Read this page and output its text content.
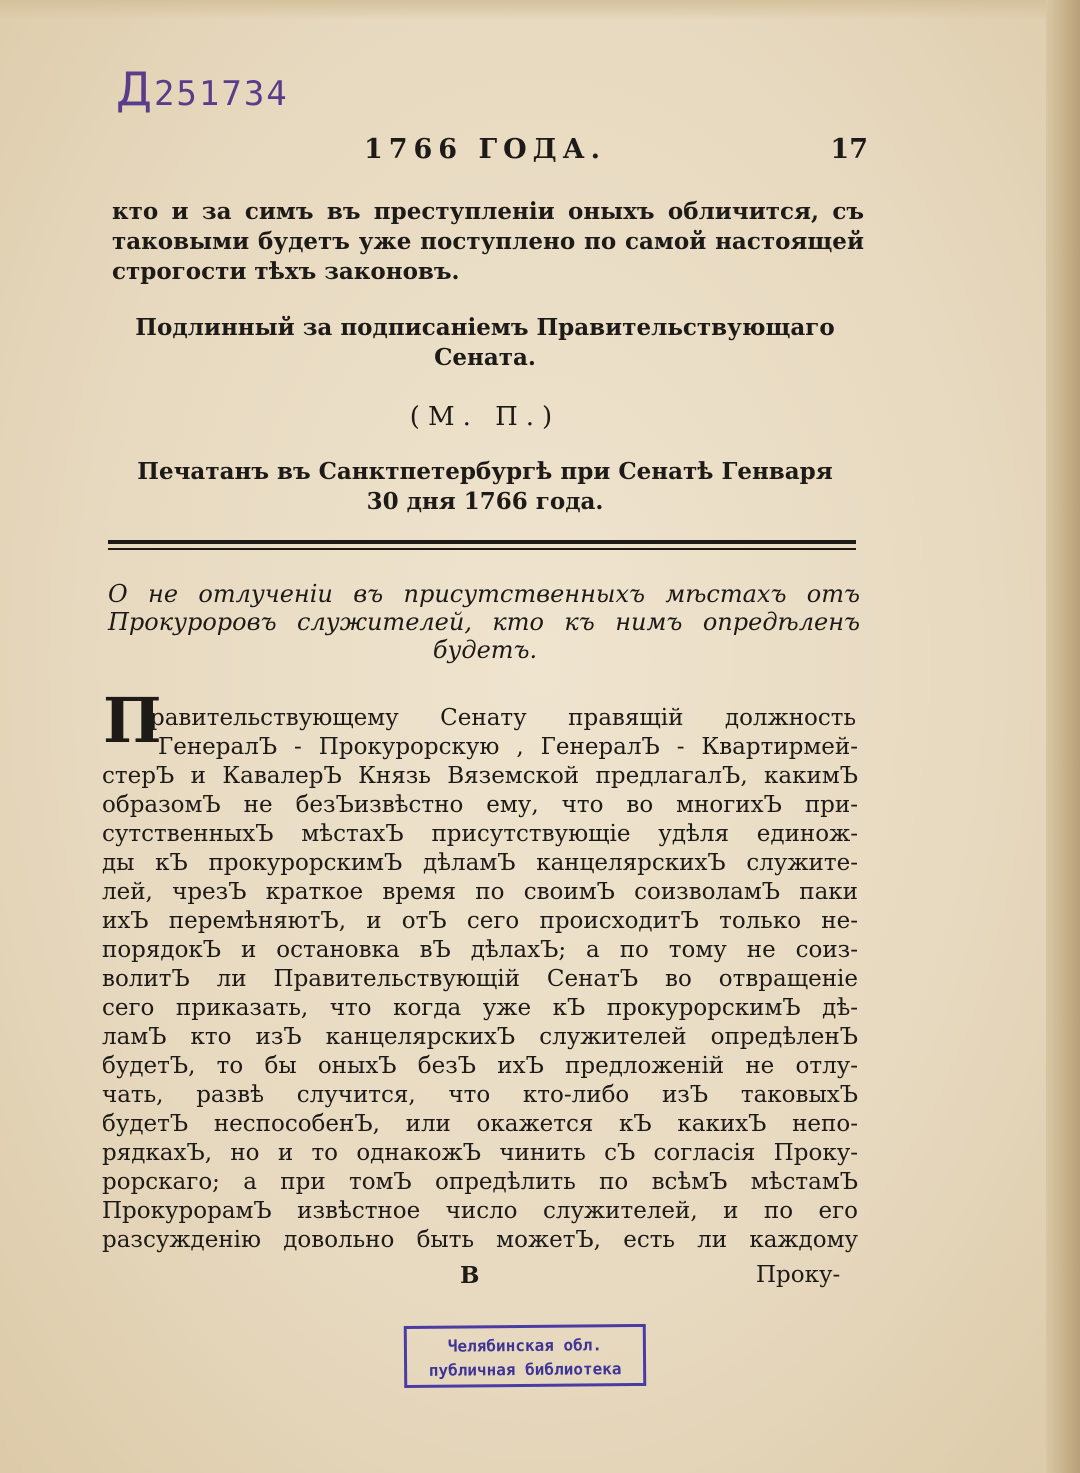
Д251734
1766 ГОДА.	17
кто и за симъ въ преступленіи оныхъ обличится, съ
таковыми будетъ уже поступлено по самой настоящей
строгости тѣхъ законовъ.
Подлинный за подписаніемъ Правительствующаго
Сената.
(М. П.)
Печатанъ въ Санктпетербургѣ при Сенатѣ Генваря
30 дня 1766 года.
О не отлученіи въ присутственныхъ мѣстахъ отъ
Прокуроровъ служителей, кто къ нимъ опредѣленъ
будетъ.
П
равительствующему Сенату правящій должность
ГенералЪ - Прокурорскую , ГенералЪ - Квартирмей-
стерЪ и КавалерЪ Князь Вяземской предлагалЪ, какимЪ
образомЪ не безЪизвѣстно ему, что во многихЪ при-
сутственныхЪ мѣстахЪ присутствующіе удѣля единож-
ды кЪ прокурорскимЪ дѣламЪ канцелярскихЪ служите-
лей, чрезЪ краткое время по своимЪ соизволамЪ паки
ихЪ перемѣняютЪ, и отЪ сего происходитЪ только не-
порядокЪ и остановка вЪ дѣлахЪ; а по тому не соиз-
волитЪ ли Правительствующій СенатЪ во отвращеніе
сего приказать, что когда уже кЪ прокурорскимЪ дѣ-
ламЪ кто изЪ канцелярскихЪ служителей опредѣленЪ
будетЪ, то бы оныхЪ безЪ ихЪ предложеній не отлу-
чать, развѣ случится, что кто-либо изЪ таковыхЪ
будетЪ неспособенЪ, или окажется кЪ какихЪ непо-
рядкахЪ, но и то однакожЪ чинить сЪ согласія Проку-
рорскаго; а при томЪ опредѣлить по всѣмЪ мѣстамЪ
ПрокурорамЪ извѣстное число служителей, и по его
разсужденію довольно быть можетЪ, есть ли каждому
В	Проку-
Челябинская обл.
публичная библиотека
